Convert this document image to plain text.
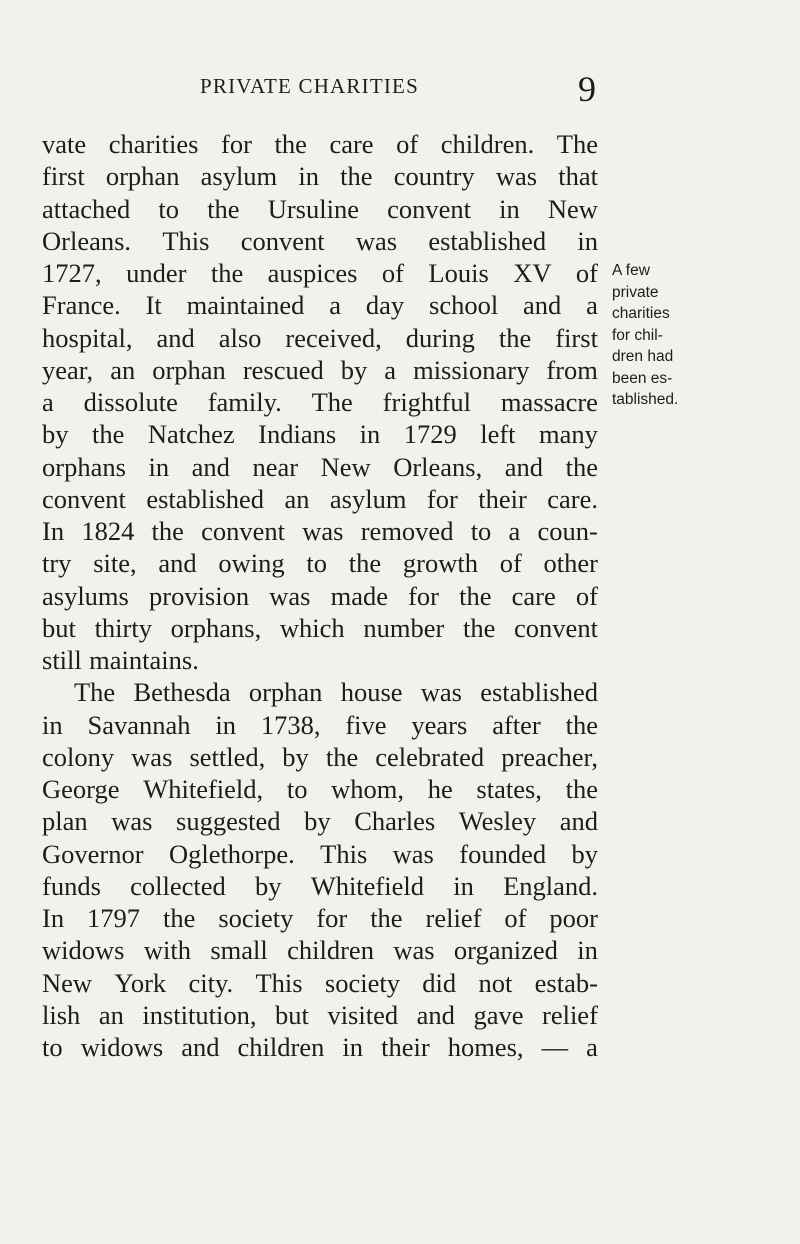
PRIVATE CHARITIES	9
vate charities for the care of children. The
first orphan asylum in the country was that
attached to the Ursuline convent in New
Orleans. This convent was established in
1727, under the auspices of Louis XV of
France. It maintained a day school and a
hospital, and also received, during the first
year, an orphan rescued by a missionary from
a dissolute family. The frightful massacre
by the Natchez Indians in 1729 left many
orphans in and near New Orleans, and the
convent established an asylum for their care.
In 1824 the convent was removed to a coun-
try site, and owing to the growth of other
asylums provision was made for the care of
but thirty orphans, which number the convent
still maintains.
The Bethesda orphan house was established
in Savannah in 1738, five years after the
colony was settled, by the celebrated preacher,
George Whitefield, to whom, he states, the
plan was suggested by Charles Wesley and
Governor Oglethorpe. This was founded by
funds collected by Whitefield in England.
In 1797 the society for the relief of poor
widows with small children was organized in
New York city. This society did not estab-
lish an institution, but visited and gave relief
to widows and children in their homes, — a
A few
private
charities
for chil-
dren had
been es-
tablished.
